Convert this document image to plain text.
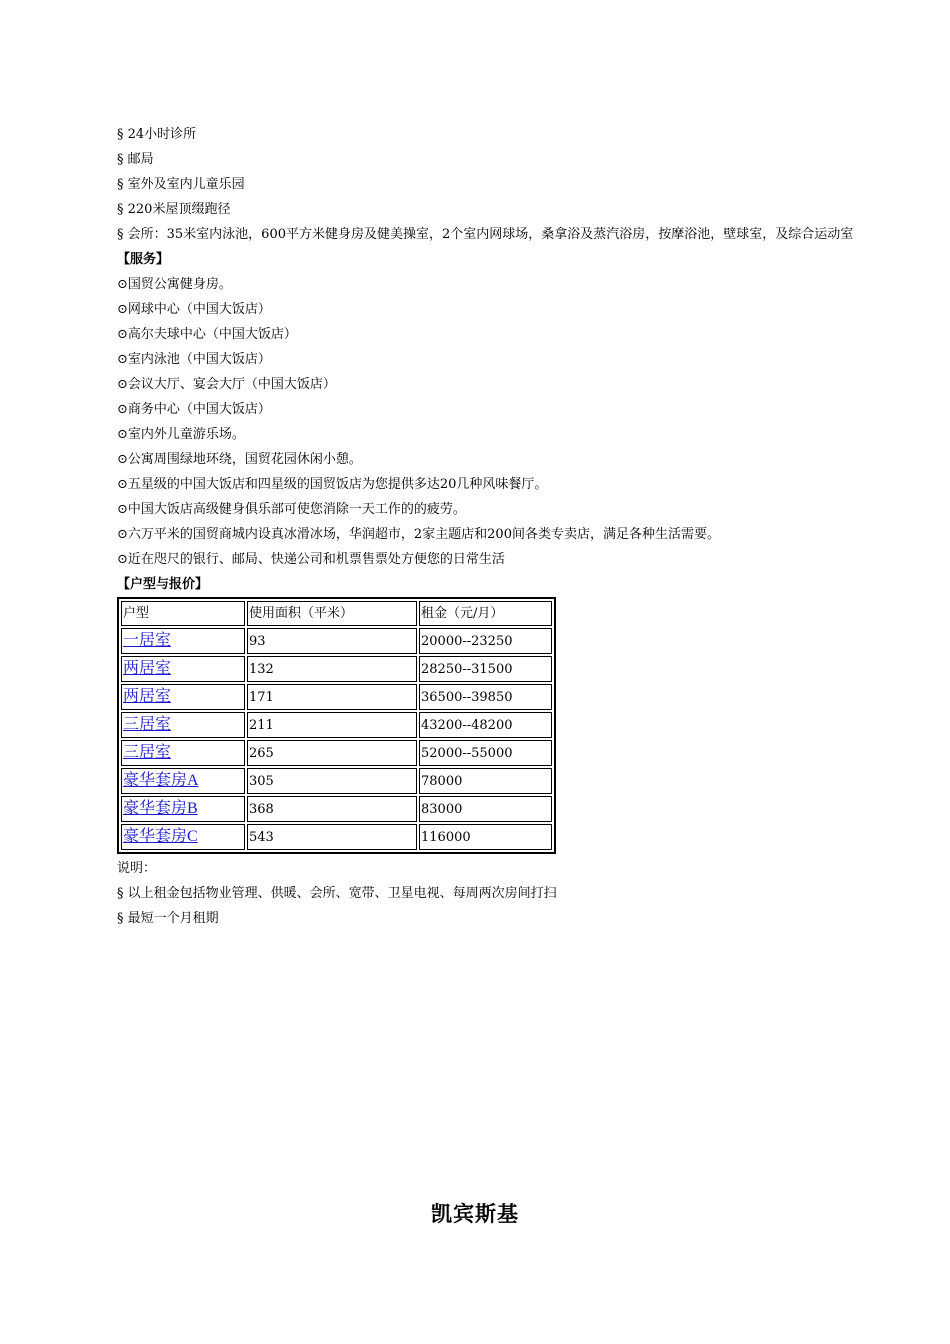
§ 24小时诊所
§ 邮局
§ 室外及室内儿童乐园
§ 220米屋顶缀跑径
§ 会所：35米室内泳池，600平方米健身房及健美操室，2个室内网球场，桑拿浴及蒸汽浴房，按摩浴池，壁球室，及综合运动室
【服务】
⊙国贸公寓健身房。
⊙网球中心（中国大饭店）
⊙高尔夫球中心（中国大饭店）
⊙室内泳池（中国大饭店）
⊙会议大厅、宴会大厅（中国大饭店）
⊙商务中心（中国大饭店）
⊙室内外儿童游乐场。
⊙公寓周围绿地环绕，国贸花园休闲小憩。
⊙五星级的中国大饭店和四星级的国贸饭店为您提供多达20几种风味餐厅。
⊙中国大饭店高级健身俱乐部可使您消除一天工作的的疲劳。
⊙六万平米的国贸商城内设真冰滑冰场，华润超市，2家主题店和200间各类专卖店，满足各种生活需要。
⊙近在咫尺的银行、邮局、快递公司和机票售票处方便您的日常生活
【户型与报价】
户型	使用面积（平米）	租金（元/月）
一居室	93	20000--23250
两居室	132	28250--31500
两居室	171	36500--39850
三居室	211	43200--48200
三居室	265	52000--55000
豪华套房A	305	78000
豪华套房B	368	83000
豪华套房C	543	116000
说明：
§ 以上租金包括物业管理、供暖、会所、宽带、卫星电视、每周两次房间打扫
§ 最短一个月租期
凯宾斯基
